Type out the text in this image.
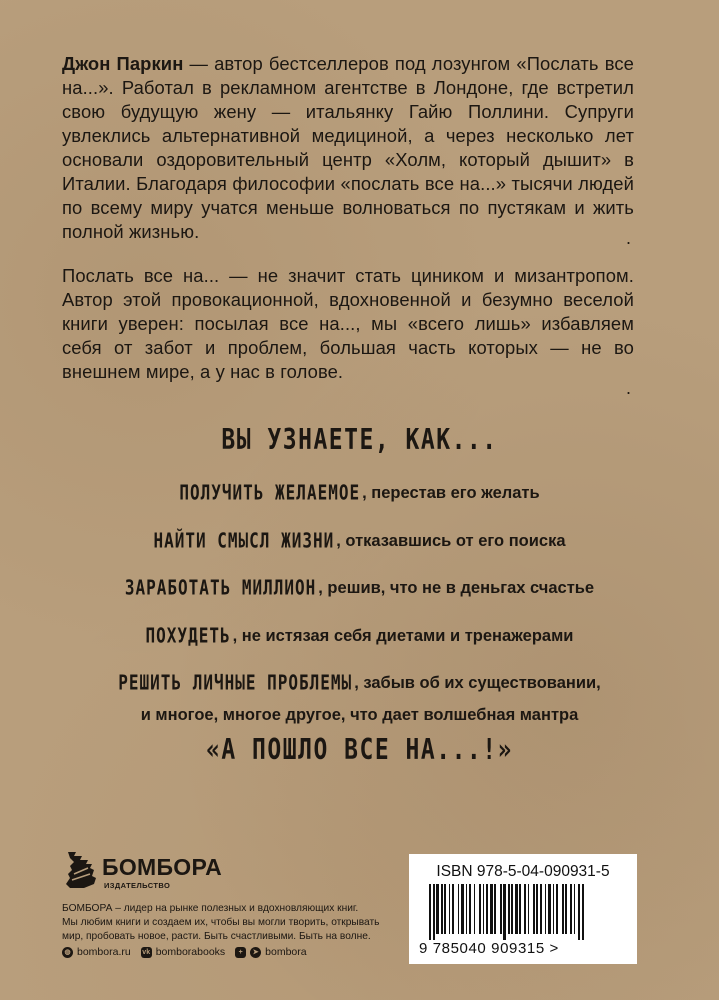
Джон Паркин — автор бестселлеров под лозунгом «Послать все на...». Работал в рекламном агентстве в Лондоне, где встретил свою будущую жену — итальянку Гайю Поллини. Супруги увлеклись альтернативной медициной, а через несколько лет основали оздоровительный центр «Холм, который дышит» в Италии. Благодаря философии «послать все на...» тысячи людей по всему миру учатся меньше волноваться по пустякам и жить полной жизнью.	.

Послать все на... — не значит стать циником и мизантропом. Автор этой провокационной, вдохновенной и безумно веселой книги уверен: посылая все на..., мы «всего лишь» избавляем себя от забот и проблем, большая часть которых — не во внешнем мире, а у нас в голове.

.

ВЫ УЗНАЕТЕ, КАК...

ПОЛУЧИТЬ ЖЕЛАЕМОЕ , перестав его желать

НАЙТИ СМЫСЛ ЖИЗНИ , отказавшись от его поиска

ЗАРАБОТАТЬ МИЛЛИОН , решив, что не в деньгах счастье

ПОХУДЕТЬ , не истязая себя диетами и тренажерами

РЕШИТЬ ЛИЧНЫЕ ПРОБЛЕМЫ , забыв об их существовании,

и многое, многое другое, что дает волшебная мантра

«А ПОШЛО ВСЕ НА...!»

БОМБОРА

ИЗДАТЕЛЬСТВО

БОМБОРА – лидер на рынке полезных и вдохновляющих книг.

Мы любим книги и создаем их, чтобы вы могли творить, открывать

мир, пробовать новое, расти. Быть счастливыми. Быть на волне.

◍ bombora.ru vk bomborabooks	+	➤ bombora

ISBN 978-5-04-090931-5

9 785040 909315 >
